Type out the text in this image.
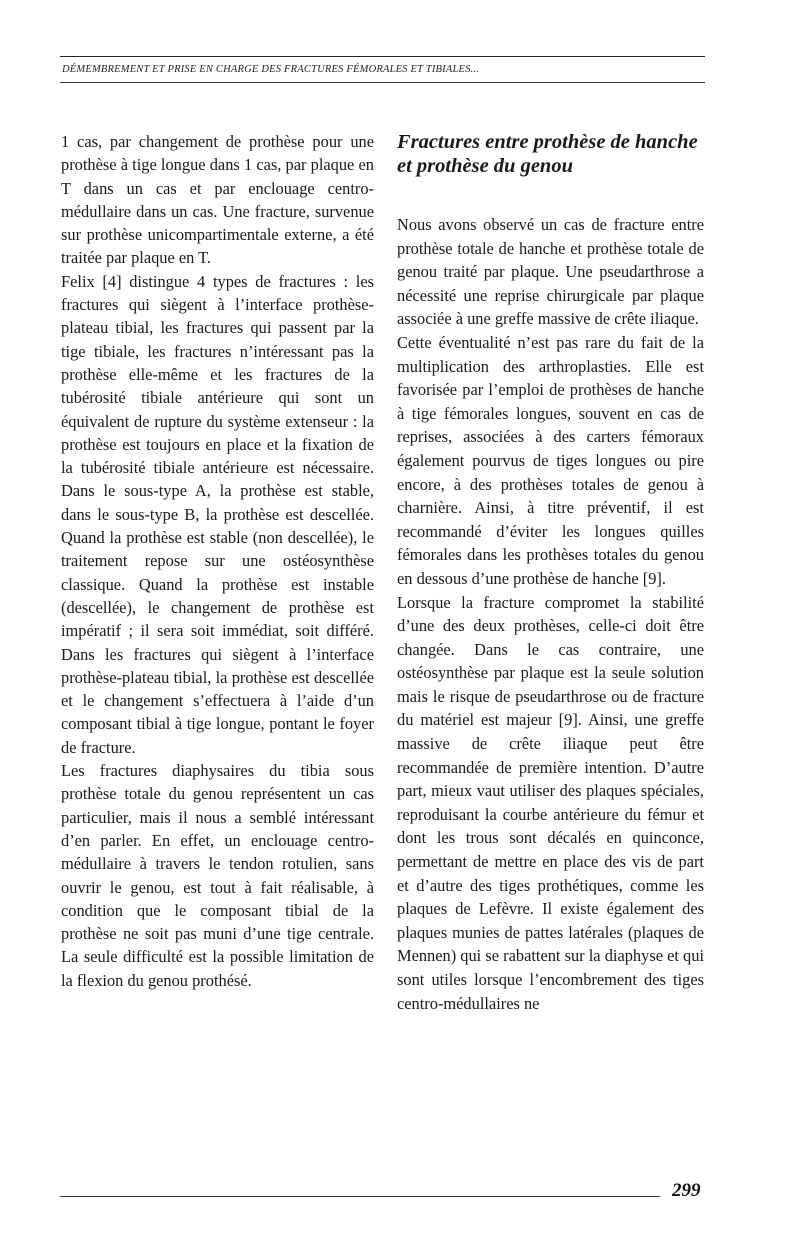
DÉMEMBREMENT ET PRISE EN CHARGE DES FRACTURES FÉMORALES ET TIBIALES...

1 cas, par changement de prothèse pour une prothèse à tige longue dans 1 cas, par plaque en T dans un cas et par enclouage centro-médullaire dans un cas. Une fracture, survenue sur prothèse unicompartimentale externe, a été traitée par plaque en T.

Felix [4] distingue 4 types de fractures : les fractures qui siègent à l’interface prothèse-plateau tibial, les fractures qui passent par la tige tibiale, les fractures n’intéressant pas la prothèse elle-même et les fractures de la tubérosité tibiale antérieure qui sont un équivalent de rupture du système extenseur : la prothèse est toujours en place et la fixation de la tubérosité tibiale antérieure est nécessaire. Dans le sous-type A, la prothèse est stable, dans le sous-type B, la prothèse est descellée. Quand la prothèse est stable (non descellée), le traitement repose sur une ostéosynthèse classique. Quand la prothèse est instable (descellée), le changement de prothèse est impératif ; il sera soit immédiat, soit différé. Dans les fractures qui siègent à l’interface prothèse-plateau tibial, la prothèse est descellée et le changement s’effectuera à l’aide d’un composant tibial à tige longue, pontant le foyer de fracture.

Les fractures diaphysaires du tibia sous prothèse totale du genou représentent un cas particulier, mais il nous a semblé intéressant d’en parler. En effet, un enclouage centro-médullaire à travers le tendon rotulien, sans ouvrir le genou, est tout à fait réalisable, à condition que le composant tibial de la prothèse ne soit pas muni d’une tige centrale. La seule difficulté est la possible limitation de la flexion du genou prothésé.

Fractures entre prothèse de hanche et prothèse du genou

Nous avons observé un cas de fracture entre prothèse totale de hanche et prothèse totale de genou traité par plaque. Une pseudarthrose a nécessité une reprise chirurgicale par plaque associée à une greffe massive de crête iliaque.

Cette éventualité n’est pas rare du fait de la multiplication des arthroplasties. Elle est favorisée par l’emploi de prothèses de hanche à tige fémorales longues, souvent en cas de reprises, associées à des carters fémoraux également pourvus de tiges longues ou pire encore, à des prothèses totales de genou à charnière. Ainsi, à titre préventif, il est recommandé d’éviter les longues quilles fémorales dans les prothèses totales du genou en dessous d’une prothèse de hanche [9].

Lorsque la fracture compromet la stabilité d’une des deux prothèses, celle-ci doit être changée. Dans le cas contraire, une ostéosynthèse par plaque est la seule solution mais le risque de pseudarthrose ou de fracture du matériel est majeur [9]. Ainsi, une greffe massive de crête iliaque peut être recommandée de première intention. D’autre part, mieux vaut utiliser des plaques spéciales, reproduisant la courbe antérieure du fémur et dont les trous sont décalés en quinconce, permettant de mettre en place des vis de part et d’autre des tiges prothétiques, comme les plaques de Lefèvre. Il existe également des plaques munies de pattes latérales (plaques de Mennen) qui se rabattent sur la diaphyse et qui sont utiles lorsque l’encombrement des tiges centro-médullaires ne

299
